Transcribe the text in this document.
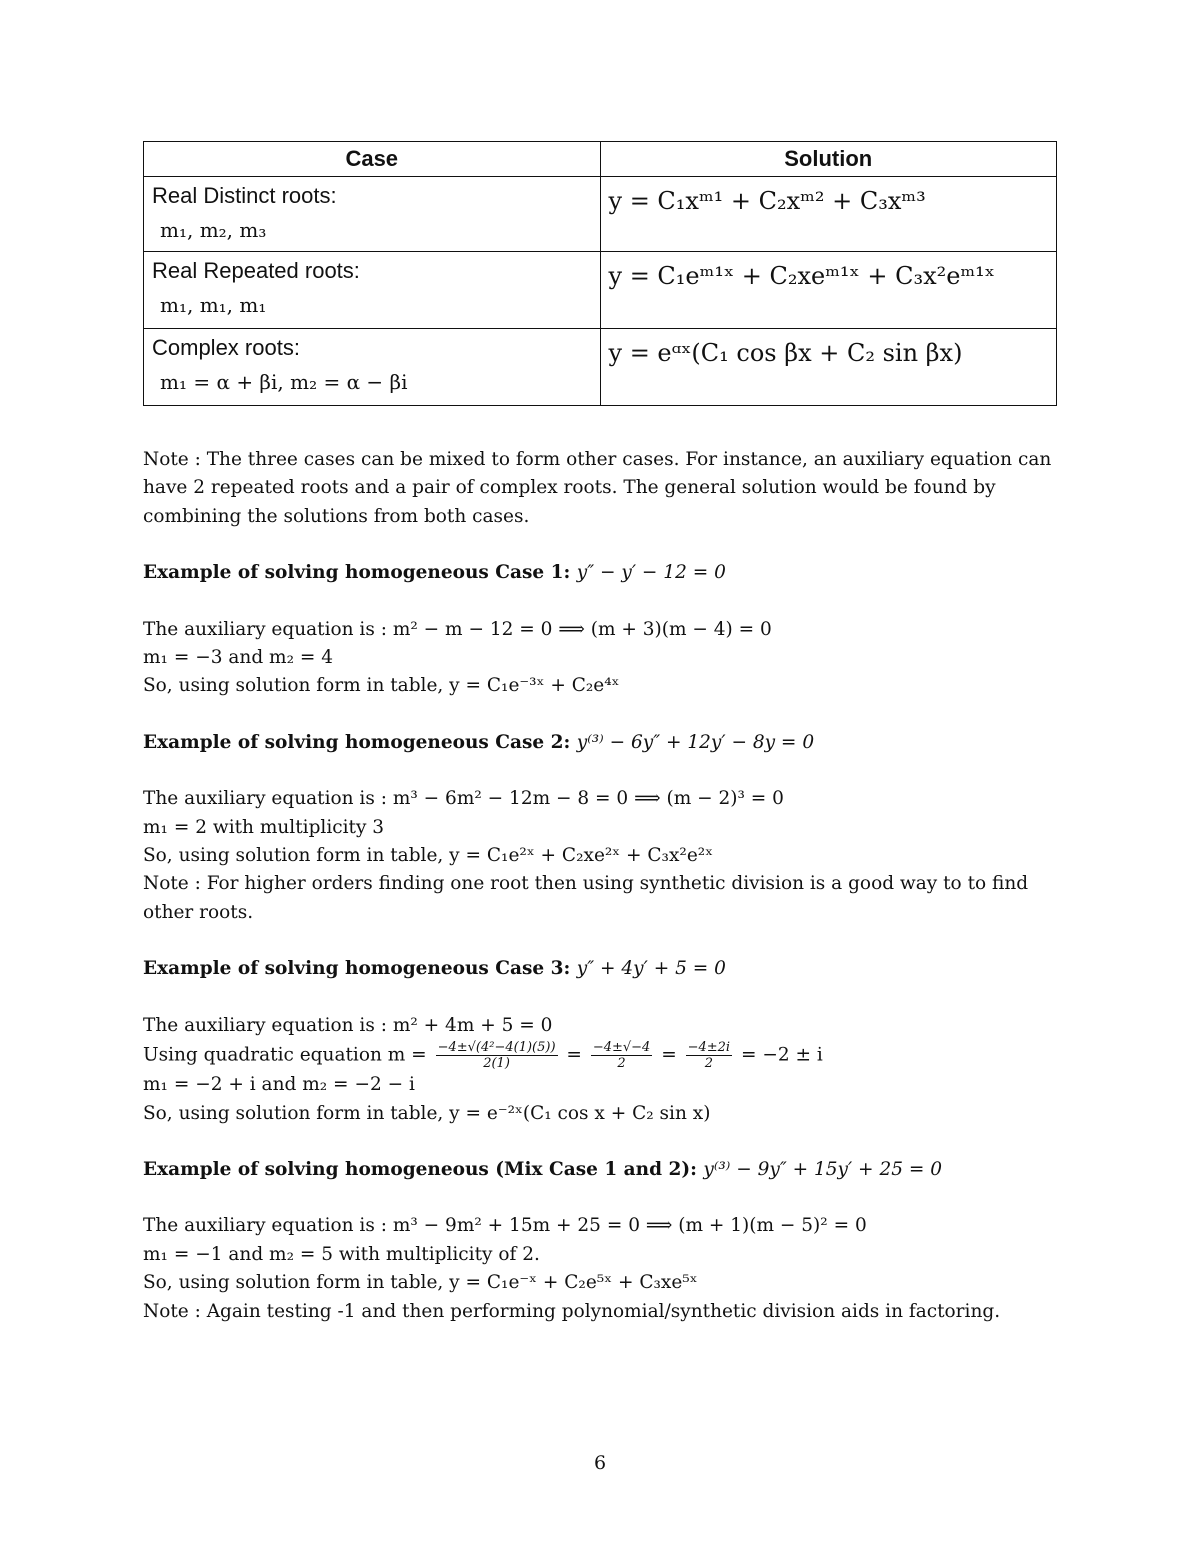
Case	Solution

Real Distinct roots:
m₁, m₂, m₃	y = C₁xᵐ¹ + C₂xᵐ² + C₃xᵐ³

Real Repeated roots:
m₁, m₁, m₁	y = C₁eᵐ¹ˣ + C₂xeᵐ¹ˣ + C₃x²eᵐ¹ˣ

Complex roots:
m₁ = α + βi, m₂ = α − βi	y = eᵅˣ(C₁ cos βx + C₂ sin βx)

Note : The three cases can be mixed to form other cases. For instance, an auxiliary equation can have 2 repeated roots and a pair of complex roots. The general solution would be found by combining the solutions from both cases.

Example of solving homogeneous Case 1: y″ − y′ − 12 = 0

The auxiliary equation is : m² − m − 12 = 0 ⟹ (m + 3)(m − 4) = 0

m₁ = −3 and m₂ = 4

So, using solution form in table, y = C₁e⁻³ˣ + C₂e⁴ˣ

Example of solving homogeneous Case 2: y⁽³⁾ − 6y″ + 12y′ − 8y = 0

The auxiliary equation is : m³ − 6m² − 12m − 8 = 0 ⟹ (m − 2)³ = 0

m₁ = 2 with multiplicity 3

So, using solution form in table, y = C₁e²ˣ + C₂xe²ˣ + C₃x²e²ˣ

Note : For higher orders finding one root then using synthetic division is a good way to to find other roots.

Example of solving homogeneous Case 3: y″ + 4y′ + 5 = 0

The auxiliary equation is : m² + 4m + 5 = 0

Using quadratic equation $m = \frac{\text{−4±√(4²−4(1)(5))}}{2(1)} = \frac{-4\pm√-4}{2} = \frac{-4\pm 2i}{2} = -2 \pm i$

m₁ = −2 + i and m₂ = −2 − i

So, using solution form in table, y = e⁻²ˣ(C₁ cos x + C₂ sin x)

Example of solving homogeneous (Mix Case 1 and 2): y⁽³⁾ − 9y″ + 15y′ + 25 = 0

The auxiliary equation is : m³ − 9m² + 15m + 25 = 0 ⟹ (m + 1)(m − 5)² = 0

m₁ = −1 and m₂ = 5 with multiplicity of 2.

So, using solution form in table, y = C₁e⁻ˣ + C₂e⁵ˣ + C₃xe⁵ˣ

Note : Again testing -1 and then performing polynomial/synthetic division aids in factoring.

6
